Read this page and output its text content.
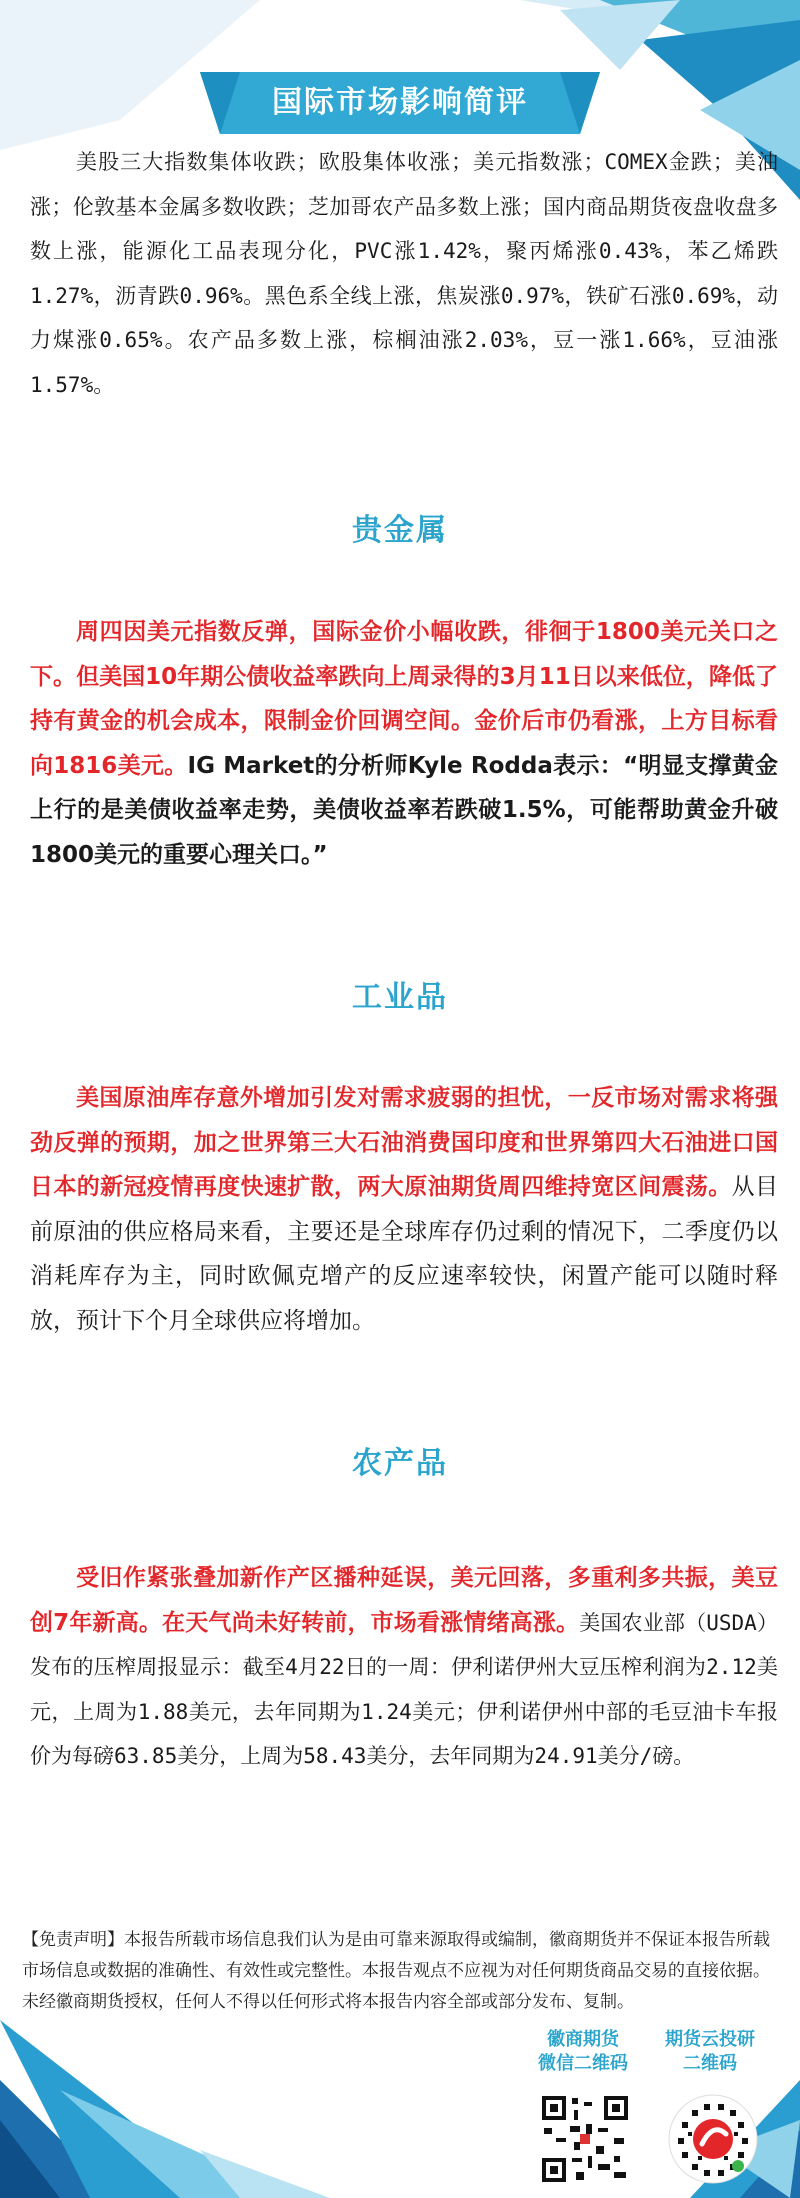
国际市场影响简评

美股三大指数集体收跌；欧股集体收涨；美元指数涨；COMEX金跌；美油涨；伦敦基本金属多数收跌；芝加哥农产品多数上涨；国内商品期货夜盘收盘多数上涨，能源化工品表现分化，PVC涨1.42%，聚丙烯涨0.43%，苯乙烯跌1.27%，沥青跌0.96%。黑色系全线上涨，焦炭涨0.97%，铁矿石涨0.69%，动力煤涨0.65%。农产品多数上涨，棕榈油涨2.03%，豆一涨1.66%，豆油涨1.57%。

贵金属

周四因美元指数反弹，国际金价小幅收跌，徘徊于1800美元关口之下。但美国10年期公债收益率跌向上周录得的3月11日以来低位，降低了持有黄金的机会成本，限制金价回调空间。金价后市仍看涨，上方目标看向1816美元。IG Market的分析师Kyle Rodda表示：“明显支撑黄金上行的是美债收益率走势，美债收益率若跌破1.5%，可能帮助黄金升破1800美元的重要心理关口。”

工业品

美国原油库存意外增加引发对需求疲弱的担忧，一反市场对需求将强劲反弹的预期，加之世界第三大石油消费国印度和世界第四大石油进口国日本的新冠疫情再度快速扩散，两大原油期货周四维持宽区间震荡。从目前原油的供应格局来看，主要还是全球库存仍过剩的情况下，二季度仍以消耗库存为主，同时欧佩克增产的反应速率较快，闲置产能可以随时释放，预计下个月全球供应将增加。

农产品

受旧作紧张叠加新作产区播种延误，美元回落，多重利多共振，美豆创7年新高。在天气尚未好转前，市场看涨情绪高涨。美国农业部（USDA）发布的压榨周报显示：截至4月22日的一周：伊利诺伊州大豆压榨利润为2.12美元，上周为1.88美元，去年同期为1.24美元；伊利诺伊州中部的毛豆油卡车报价为每磅63.85美分，上周为58.43美分，去年同期为24.91美分/磅。

【免责声明】本报告所载市场信息我们认为是由可靠来源取得或编制，徽商期货并不保证本报告所载市场信息或数据的准确性、有效性或完整性。本报告观点不应视为对任何期货商品交易的直接依据。未经徽商期货授权，任何人不得以任何形式将本报告内容全部或部分发布、复制。

徽商期货
微信二维码
期货云投研
二维码
